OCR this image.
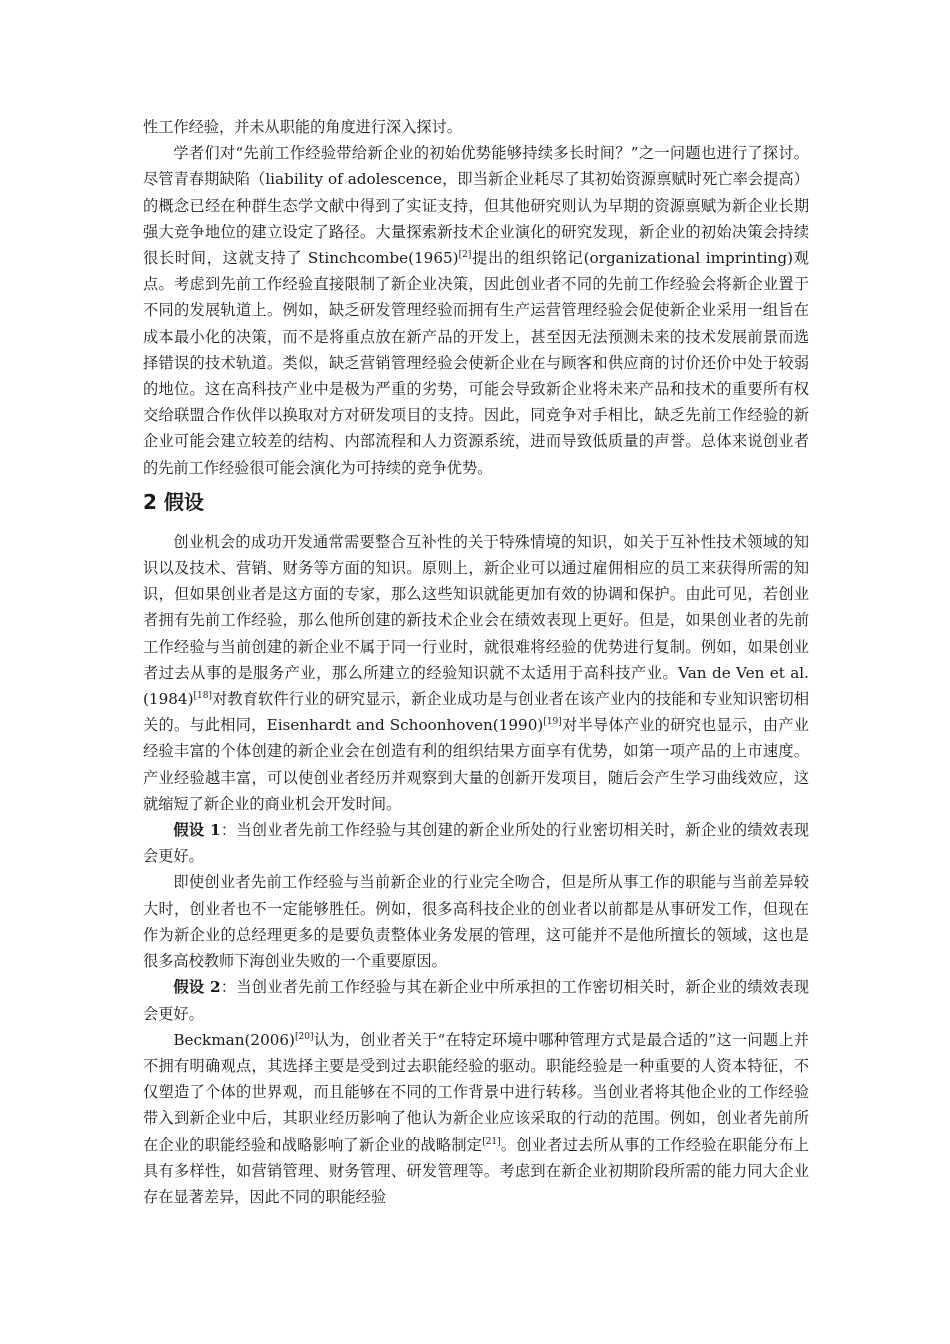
性工作经验，并未从职能的角度进行深入探讨。

学者们对“先前工作经验带给新企业的初始优势能够持续多长时间？”之一问题也进行了探讨。尽管青春期缺陷（liability of adolescence，即当新企业耗尽了其初始资源禀赋时死亡率会提高）的概念已经在种群生态学文献中得到了实证支持，但其他研究则认为早期的资源禀赋为新企业长期强大竞争地位的建立设定了路径。大量探索新技术企业演化的研究发现，新企业的初始决策会持续很长时间，这就支持了 Stinchcombe(1965)[2]提出的组织铭记(organizational imprinting)观点。考虑到先前工作经验直接限制了新企业决策，因此创业者不同的先前工作经验会将新企业置于不同的发展轨道上。例如，缺乏研发管理经验而拥有生产运营管理经验会促使新企业采用一组旨在成本最小化的决策，而不是将重点放在新产品的开发上，甚至因无法预测未来的技术发展前景而选择错误的技术轨道。类似，缺乏营销管理经验会使新企业在与顾客和供应商的讨价还价中处于较弱的地位。这在高科技产业中是极为严重的劣势，可能会导致新企业将未来产品和技术的重要所有权交给联盟合作伙伴以换取对方对研发项目的支持。因此，同竞争对手相比，缺乏先前工作经验的新企业可能会建立较差的结构、内部流程和人力资源系统，进而导致低质量的声誉。总体来说创业者的先前工作经验很可能会演化为可持续的竞争优势。

2 假设

创业机会的成功开发通常需要整合互补性的关于特殊情境的知识，如关于互补性技术领域的知识以及技术、营销、财务等方面的知识。原则上，新企业可以通过雇佣相应的员工来获得所需的知识，但如果创业者是这方面的专家，那么这些知识就能更加有效的协调和保护。由此可见，若创业者拥有先前工作经验，那么他所创建的新技术企业会在绩效表现上更好。但是，如果创业者的先前工作经验与当前创建的新企业不属于同一行业时，就很难将经验的优势进行复制。例如，如果创业者过去从事的是服务产业，那么所建立的经验知识就不太适用于高科技产业。Van de Ven et al.(1984)[18]对教育软件行业的研究显示，新企业成功是与创业者在该产业内的技能和专业知识密切相关的。与此相同，Eisenhardt and Schoonhoven(1990)[19]对半导体产业的研究也显示，由产业经验丰富的个体创建的新企业会在创造有利的组织结果方面享有优势，如第一项产品的上市速度。产业经验越丰富，可以使创业者经历并观察到大量的创新开发项目，随后会产生学习曲线效应，这就缩短了新企业的商业机会开发时间。

假设 1：当创业者先前工作经验与其创建的新企业所处的行业密切相关时，新企业的绩效表现会更好。

即使创业者先前工作经验与当前新企业的行业完全吻合，但是所从事工作的职能与当前差异较大时，创业者也不一定能够胜任。例如，很多高科技企业的创业者以前都是从事研发工作，但现在作为新企业的总经理更多的是要负责整体业务发展的管理，这可能并不是他所擅长的领域，这也是很多高校教师下海创业失败的一个重要原因。

假设 2：当创业者先前工作经验与其在新企业中所承担的工作密切相关时，新企业的绩效表现会更好。

Beckman(2006)[20]认为，创业者关于“在特定环境中哪种管理方式是最合适的”这一问题上并不拥有明确观点，其选择主要是受到过去职能经验的驱动。职能经验是一种重要的人资本特征，不仅塑造了个体的世界观，而且能够在不同的工作背景中进行转移。当创业者将其他企业的工作经验带入到新企业中后，其职业经历影响了他认为新企业应该采取的行动的范围。例如，创业者先前所在企业的职能经验和战略影响了新企业的战略制定[21]。创业者过去所从事的工作经验在职能分布上具有多样性，如营销管理、财务管理、研发管理等。考虑到在新企业初期阶段所需的能力同大企业存在显著差异，因此不同的职能经验
